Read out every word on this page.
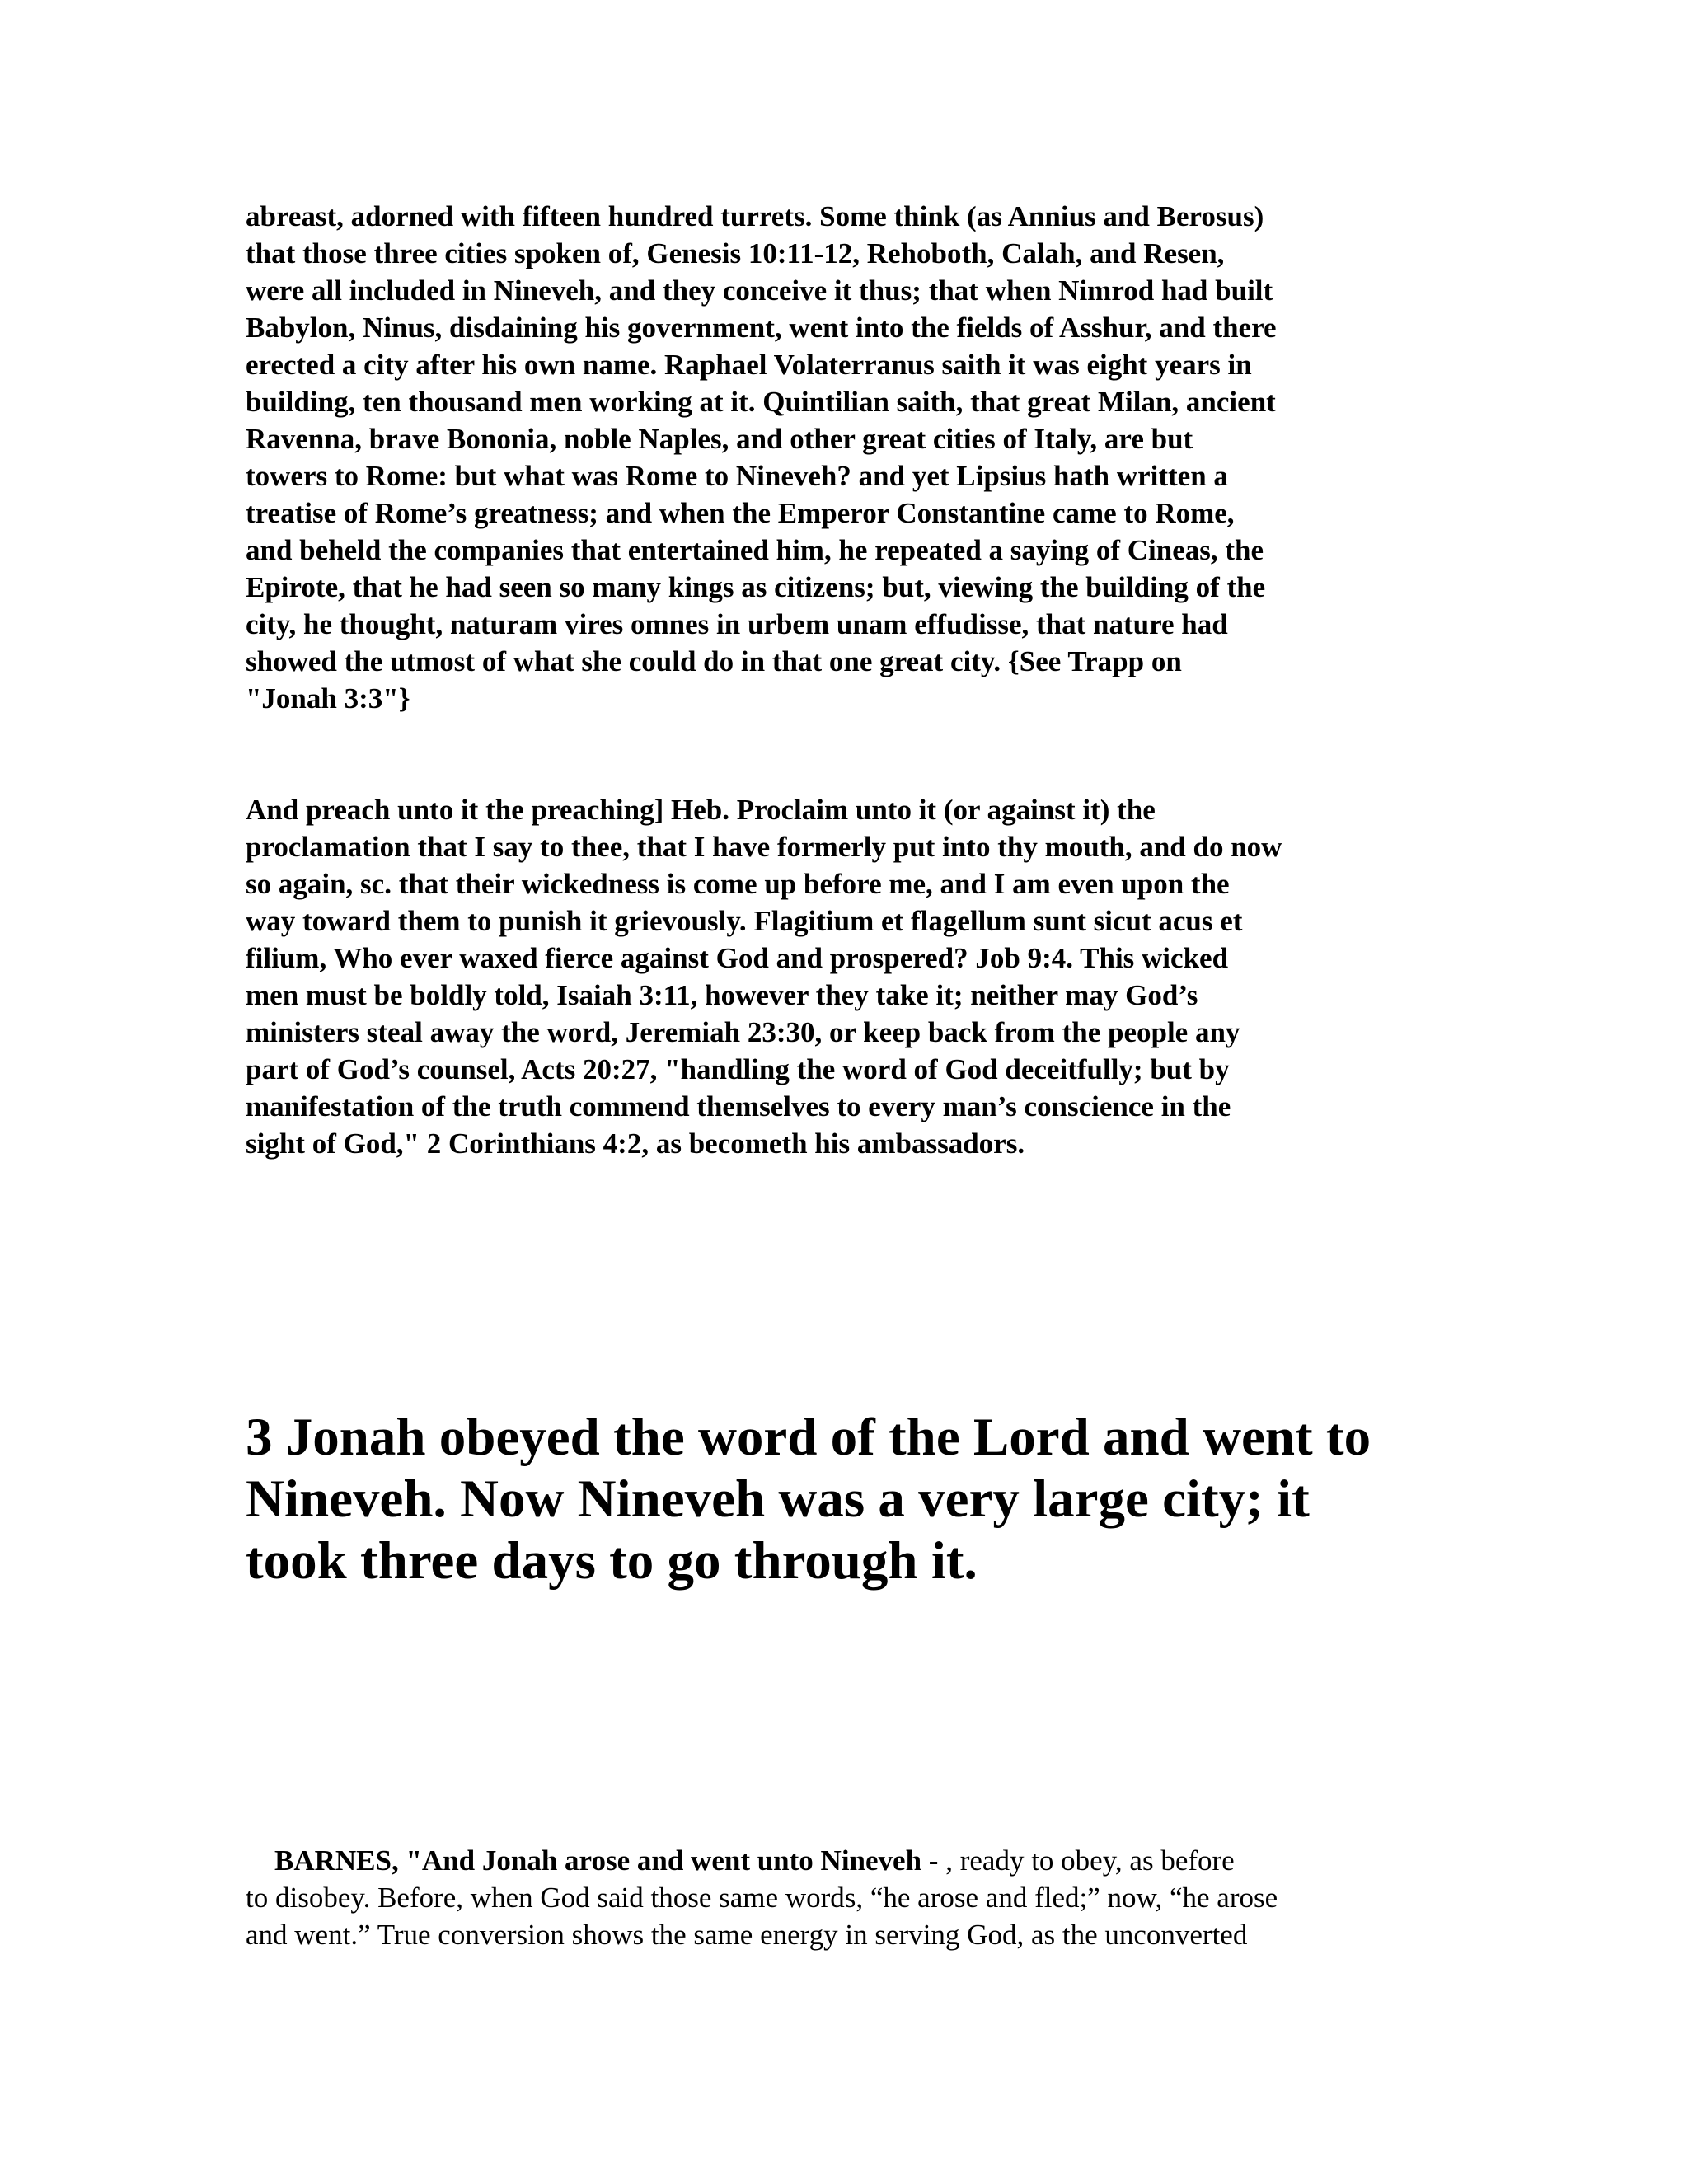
abreast, adorned with fifteen hundred turrets. Some think (as Annius and Berosus)
that those three cities spoken of, Genesis 10:11-12, Rehoboth, Calah, and Resen,
were all included in Nineveh, and they conceive it thus; that when Nimrod had built
Babylon, Ninus, disdaining his government, went into the fields of Asshur, and there
erected a city after his own name. Raphael Volaterranus saith it was eight years in
building, ten thousand men working at it. Quintilian saith, that great Milan, ancient
Ravenna, brave Bononia, noble Naples, and other great cities of Italy, are but
towers to Rome: but what was Rome to Nineveh? and yet Lipsius hath written a
treatise of Rome’s greatness; and when the Emperor Constantine came to Rome,
and beheld the companies that entertained him, he repeated a saying of Cineas, the
Epirote, that he had seen so many kings as citizens; but, viewing the building of the
city, he thought, naturam vires omnes in urbem unam effudisse, that nature had
showed the utmost of what she could do in that one great city. {See Trapp on
"Jonah 3:3"}

And preach unto it the preaching] Heb. Proclaim unto it (or against it) the
proclamation that I say to thee, that I have formerly put into thy mouth, and do now
so again, sc. that their wickedness is come up before me, and I am even upon the
way toward them to punish it grievously. Flagitium et flagellum sunt sicut acus et
filium, Who ever waxed fierce against God and prospered? Job 9:4. This wicked
men must be boldly told, Isaiah 3:11, however they take it; neither may God’s
ministers steal away the word, Jeremiah 23:30, or keep back from the people any
part of God’s counsel, Acts 20:27, "handling the word of God deceitfully; but by
manifestation of the truth commend themselves to every man’s conscience in the
sight of God," 2 Corinthians 4:2, as becometh his ambassadors.

3 Jonah obeyed the word of the Lord and went to
Nineveh. Now Nineveh was a very large city; it
took three days to go through it.

 BARNES, "And Jonah arose and went unto Nineveh - , ready to obey, as before
to disobey. Before, when God said those same words, “he arose and fled;” now, “he arose
and went.” True conversion shows the same energy in serving God, as the unconverted
